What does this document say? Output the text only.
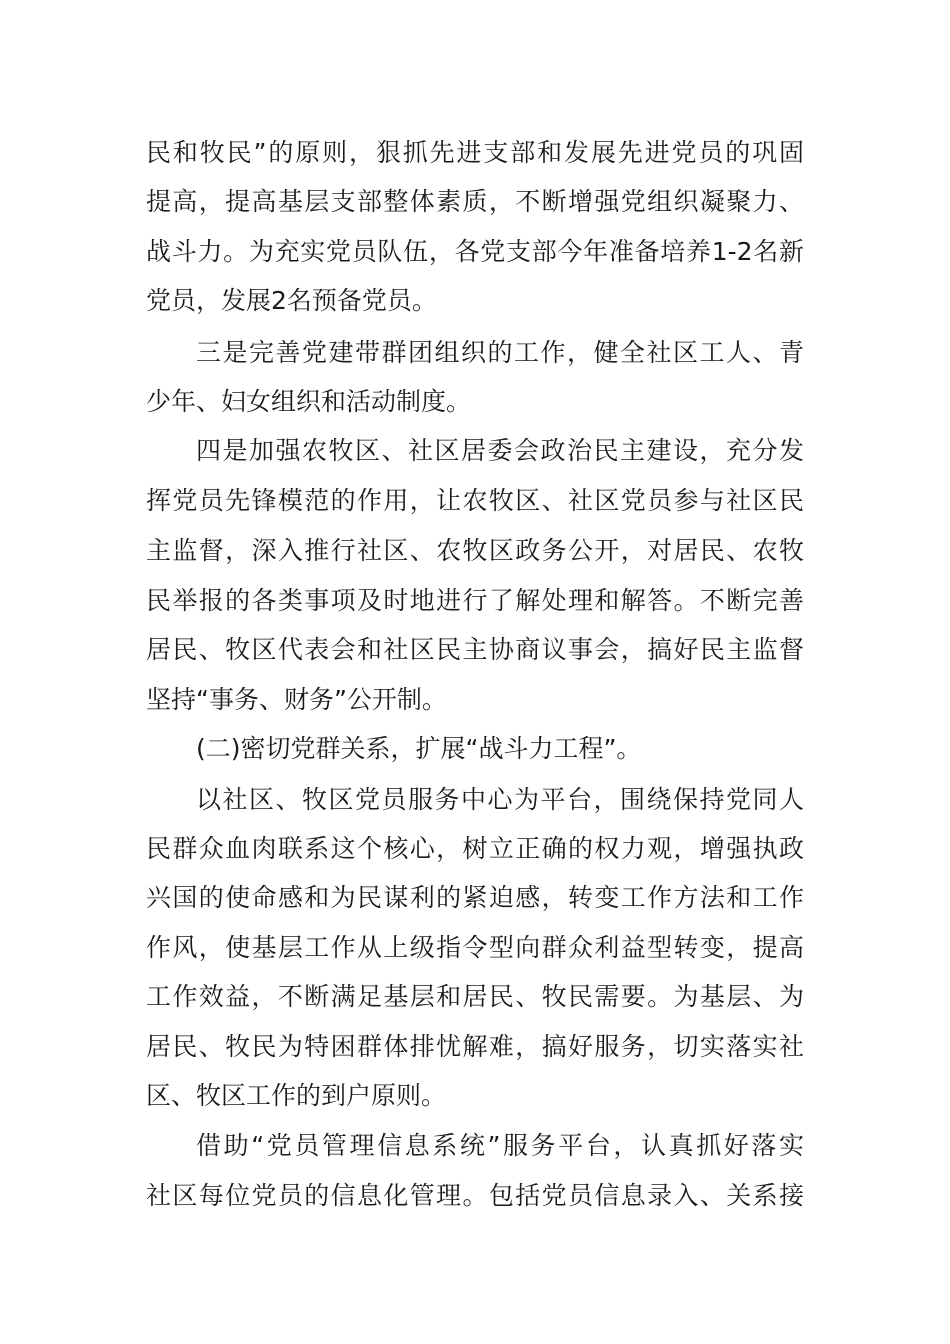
民和牧民”的原则，狠抓先进支部和发展先进党员的巩固
提高，提高基层支部整体素质，不断增强党组织凝聚力、
战斗力。为充实党员队伍，各党支部今年准备培养1-2名新
党员，发展2名预备党员。
三是完善党建带群团组织的工作，健全社区工人、青
少年、妇女组织和活动制度。
四是加强农牧区、社区居委会政治民主建设，充分发
挥党员先锋模范的作用，让农牧区、社区党员参与社区民
主监督，深入推行社区、农牧区政务公开，对居民、农牧
民举报的各类事项及时地进行了解处理和解答。不断完善
居民、牧区代表会和社区民主协商议事会，搞好民主监督
坚持“事务、财务”公开制。
(二)密切党群关系，扩展“战斗力工程”。
以社区、牧区党员服务中心为平台，围绕保持党同人
民群众血肉联系这个核心，树立正确的权力观，增强执政
兴国的使命感和为民谋利的紧迫感，转变工作方法和工作
作风，使基层工作从上级指令型向群众利益型转变，提高
工作效益，不断满足基层和居民、牧民需要。为基层、为
居民、牧民为特困群体排忧解难，搞好服务，切实落实社
区、牧区工作的到户原则。
借助“党员管理信息系统”服务平台，认真抓好落实
社区每位党员的信息化管理。包括党员信息录入、关系接
